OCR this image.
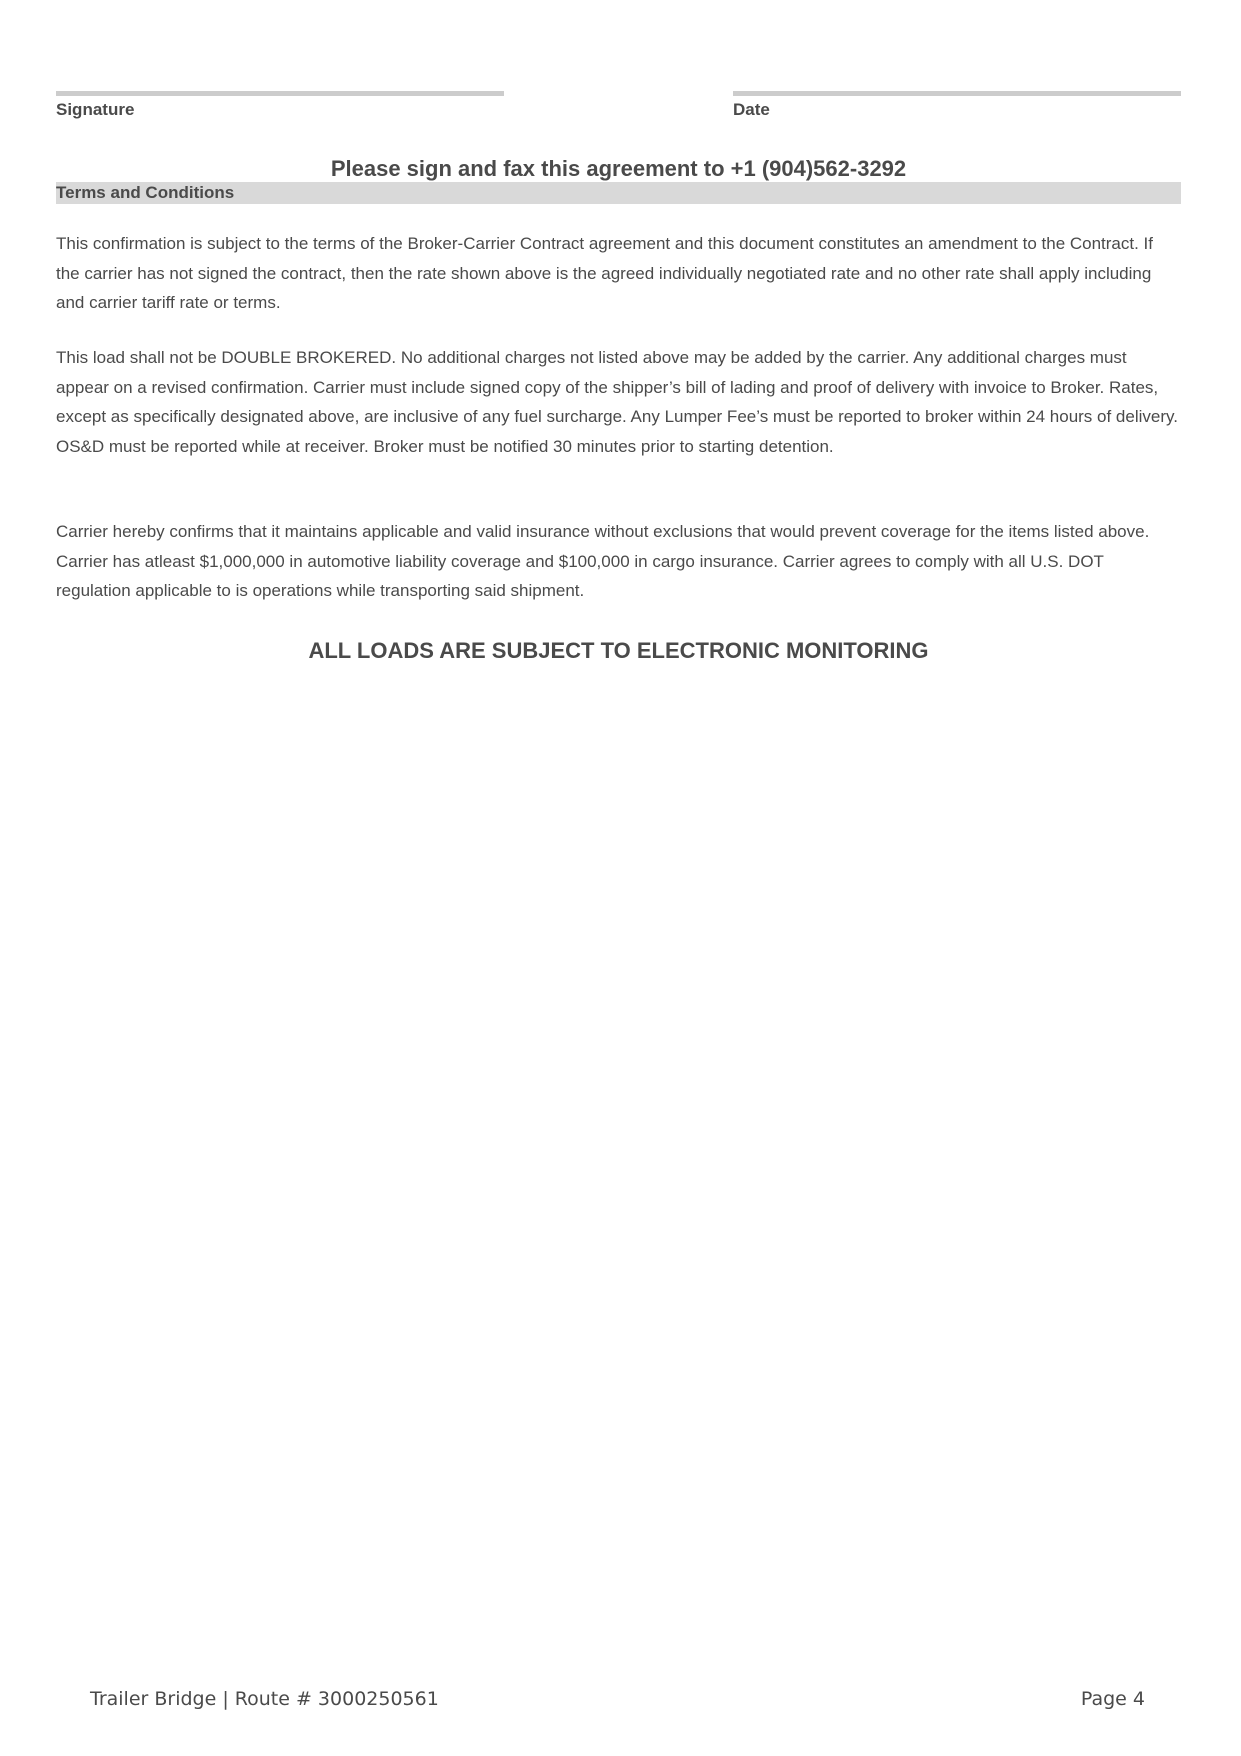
Signature	Date
Please sign and fax this agreement to +1 (904)562-3292
Terms and Conditions

This confirmation is subject to the terms of the Broker-Carrier Contract agreement and this document constitutes an amendment to the Contract. If the carrier has not signed the contract, then the rate shown above is the agreed individually negotiated rate and no other rate shall apply including and carrier tariff rate or terms.

This load shall not be DOUBLE BROKERED. No additional charges not listed above may be added by the carrier. Any additional charges must appear on a revised confirmation. Carrier must include signed copy of the shipper’s bill of lading and proof of delivery with invoice to Broker. Rates, except as specifically designated above, are inclusive of any fuel surcharge. Any Lumper Fee’s must be reported to broker within 24 hours of delivery. OS&D must be reported while at receiver. Broker must be notified 30 minutes prior to starting detention.

Carrier hereby confirms that it maintains applicable and valid insurance without exclusions that would prevent coverage for the items listed above. Carrier has atleast $1,000,000 in automotive liability coverage and $100,000 in cargo insurance. Carrier agrees to comply with all U.S. DOT regulation applicable to is operations while transporting said shipment.

ALL LOADS ARE SUBJECT TO ELECTRONIC MONITORING
Trailer Bridge | Route # 3000250561	Page 4
